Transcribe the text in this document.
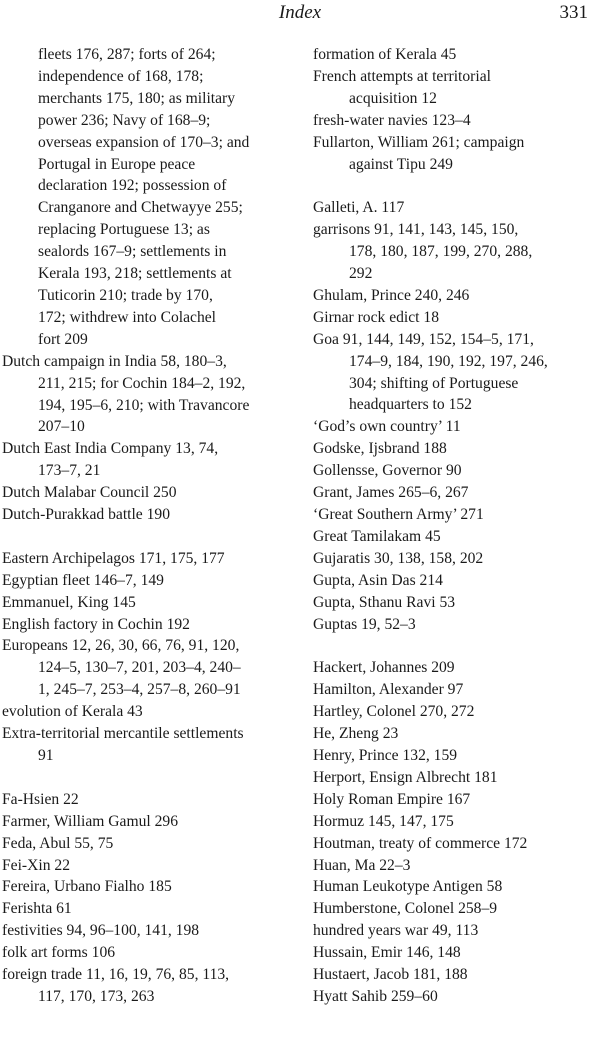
Index	331
fleets 176, 287; forts of 264;
independence of 168, 178;
merchants 175, 180; as military
power 236; Navy of 168–9;
overseas expansion of 170–3; and
Portugal in Europe peace
declaration 192; possession of
Cranganore and Chetwayye 255;
replacing Portuguese 13; as
sealords 167–9; settlements in
Kerala 193, 218; settlements at
Tuticorin 210; trade by 170,
172; withdrew into Colachel
fort 209
Dutch campaign in India 58, 180–3,
211, 215; for Cochin 184–2, 192,
194, 195–6, 210; with Travancore
207–10
Dutch East India Company 13, 74,
173–7, 21
Dutch Malabar Council 250
Dutch-Purakkad battle 190
Eastern Archipelagos 171, 175, 177
Egyptian fleet 146–7, 149
Emmanuel, King 145
English factory in Cochin 192
Europeans 12, 26, 30, 66, 76, 91, 120,
124–5, 130–7, 201, 203–4, 240–
1, 245–7, 253–4, 257–8, 260–91
evolution of Kerala 43
Extra-territorial mercantile settlements
91
Fa-Hsien 22
Farmer, William Gamul 296
Feda, Abul 55, 75
Fei-Xin 22
Fereira, Urbano Fialho 185
Ferishta 61
festivities 94, 96–100, 141, 198
folk art forms 106
foreign trade 11, 16, 19, 76, 85, 113,
117, 170, 173, 263
formation of Kerala 45
French attempts at territorial
acquisition 12
fresh-water navies 123–4
Fullarton, William 261; campaign
against Tipu 249
Galleti, A. 117
garrisons 91, 141, 143, 145, 150,
178, 180, 187, 199, 270, 288,
292
Ghulam, Prince 240, 246
Girnar rock edict 18
Goa 91, 144, 149, 152, 154–5, 171,
174–9, 184, 190, 192, 197, 246,
304; shifting of Portuguese
headquarters to 152
‘God’s own country’ 11
Godske, Ijsbrand 188
Gollensse, Governor 90
Grant, James 265–6, 267
‘Great Southern Army’ 271
Great Tamilakam 45
Gujaratis 30, 138, 158, 202
Gupta, Asin Das 214
Gupta, Sthanu Ravi 53
Guptas 19, 52–3
Hackert, Johannes 209
Hamilton, Alexander 97
Hartley, Colonel 270, 272
He, Zheng 23
Henry, Prince 132, 159
Herport, Ensign Albrecht 181
Holy Roman Empire 167
Hormuz 145, 147, 175
Houtman, treaty of commerce 172
Huan, Ma 22–3
Human Leukotype Antigen 58
Humberstone, Colonel 258–9
hundred years war 49, 113
Hussain, Emir 146, 148
Hustaert, Jacob 181, 188
Hyatt Sahib 259–60
